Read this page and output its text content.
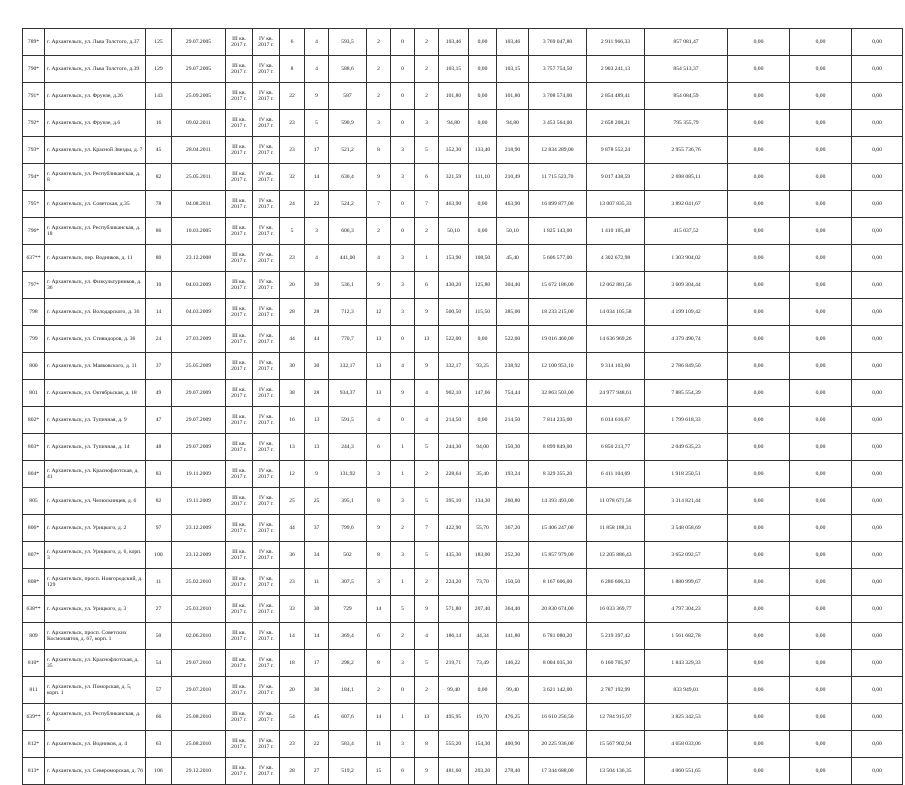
789*	г. Архангельск, ул. Льва Толстого, д.37	125	29.07.2005	III кв. 2017 г.	IV кв. 2017 г.	6	4	593,5	2	0	2	103,46	0,00	103,46	3 769 047,80	2 911 966,33	857 081,47	0,00	0,00	0,00
790*	г. Архангельск, ул. Льва Толстого, д.39	129	29.07.2005	III кв. 2017 г.	IV кв. 2017 г.	8	4	588,6	2	0	2	103,15	0,00	103,15	3 757 754,50	2 903 241,13	854 513,37	0,00	0,00	0,00
791*	г. Архангельск, ул. Фрунзе, д.26	143	25.09.2005	III кв. 2017 г.	IV кв. 2017 г.	22	9	587	2	0	2	101,80	0,00	101,80	3 708 574,00	2 854 489,41	854 084,59	0,00	0,00	0,00
792*	г. Архангельск, ул. Фрунзе, д.6	16	09.02.2011	III кв. 2017 г.	IV кв. 2017 г.	23	5	590,9	3	0	3	94,80	0,00	94,80	3 453 564,00	2 658 208,21	795 355,79	0,00	0,00	0,00
793*	г. Архангельск, ул. Красной Звезды, д. 7	45	28.04.2011	III кв. 2017 г.	IV кв. 2017 г.	23	17	521,2	8	3	5	352,30	133,40	218,90	12 834 289,00	9 878 552,24	2 955 736,76	0,00	0,00	0,00
794*	г. Архангельск, ул. Республиканская, д. 8	82	25.05.2011	III кв. 2017 г.	IV кв. 2017 г.	32	14	630,4	9	3	6	321,59	111,10	210,49	11 715 523,70	9 017 438,59	2 698 085,11	0,00	0,00	0,00
795*	г. Архангельск, ул. Советская, д.35	78	04.08.2011	III кв. 2017 г.	IV кв. 2017 г.	24	22	524,2	7	0	7	463,90	0,00	463,90	16 899 877,00	13 007 835,33	3 892 041,67	0,00	0,00	0,00
796*	г. Архангельск, ул. Республиканская, д. 18	86	10.03.2005	III кв. 2017 г.	IV кв. 2017 г.	5	3	606,3	2	0	2	50,10	0,00	50,10	1 825 143,00	1 410 105,48	415 037,52	0,00	0,00	0,00
637**	г. Архангельск, пер. Водников, д. 11	80	23.12.2008	III кв. 2017 г.	IV кв. 2017 г.	23	4	441,00	4	3	1	153,90	108,50	45,40	5 606 577,00	4 302 672,98	1 303 904,02	0,00	0,00	0,00
797*	г. Архангельск, ул. Физкультурников, д. 36	10	04.03.2009	III кв. 2017 г.	IV кв. 2017 г.	20	39	536,1	9	3	6	430,20	125,80	304,40	15 672 186,00	12 062 881,56	3 609 304,44	0,00	0,00	0,00
798	г. Архангельск, ул. Володарского, д. 36	14	04.03.2009	III кв. 2017 г.	IV кв. 2017 г.	28	28	712,3	12	3	9	500,50	115,50	385,00	18 233 215,00	14 034 105,58	4 199 109,42	0,00	0,00	0,00
799	г. Архангельск, ул. Стивидоров, д. 36	24	27.03.2009	III кв. 2017 г.	IV кв. 2017 г.	44	44	770,7	13	0	13	522,00	0,00	522,00	19 016 460,00	14 636 969,26	4 379 490,74	0,00	0,00	0,00
800	г. Архангельск, ул. Маяковского, д. 11	37	25.05.2009	III кв. 2017 г.	IV кв. 2017 г.	30	30	332,17	13	4	9	332,17	93,25	238,92	12 100 953,10	9 314 103,60	2 786 849,50	0,00	0,00	0,00
801	г. Архангельск, ул. Октябрьская, д. 18	49	29.07.2009	III кв. 2017 г.	IV кв. 2017 г.	38	28	934,37	13	9	4	902,10	147,66	754,44	32 863 503,00	24 977 948,61	7 885 554,39	0,00	0,00	0,00
802*	г. Архангельск, ул. Тупичная, д. 9	47	29.07.2009	III кв. 2017 г.	IV кв. 2017 г.	16	13	591,5	4	0	4	214,50	0,00	214,50	7 814 235,00	6 014 616,67	1 799 618,33	0,00	0,00	0,00
803*	г. Архангельск, ул. Тупичная, д. 14	48	29.07.2009	III кв. 2017 г.	IV кв. 2017 г.	13	13	244,3	6	1	5	244,30	94,00	150,30	8 899 849,00	6 850 213,77	2 049 635,23	0,00	0,00	0,00
804*	г. Архангельск, ул. Краснофлотская, д. 41	83	19.11.2009	III кв. 2017 г.	IV кв. 2017 г.	12	9	131,92	3	1	2	228,64	35,40	193,24	8 329 355,20	6 411 104,69	1 918 250,51	0,00	0,00	0,00
805	г. Архангельск, ул. Челюскинцев, д. 6	82	19.11.2009	III кв. 2017 г.	IV кв. 2017 г.	25	25	395,1	8	3	5	395,10	134,30	260,80	14 393 493,00	11 078 671,56	3 314 821,44	0,00	0,00	0,00
806*	г. Архангельск, ул. Урицкого, д. 2	97	23.12.2009	III кв. 2017 г.	IV кв. 2017 г.	44	37	799,6	9	2	7	422,90	55,70	367,20	15 406 247,00	11 858 188,31	3 548 058,69	0,00	0,00	0,00
807*	г. Архангельск, ул. Урицкого, д. 6, корп. 3	100	23.12.2009	III кв. 2017 г.	IV кв. 2017 г.	36	34	502	8	3	5	435,30	183,00	252,30	15 857 979,00	12 205 886,43	3 652 092,57	0,00	0,00	0,00
808*	г. Архангельск, просп. Новгородский, д. 129	11	25.02.2010	III кв. 2017 г.	IV кв. 2017 г.	23	11	307,5	3	1	2	224,20	73,70	150,50	8 167 606,00	6 286 606,33	1 880 999,67	0,00	0,00	0,00
638**	г. Архангельск, ул. Урицкого, д. 3	27	25.03.2010	III кв. 2017 г.	IV кв. 2017 г.	33	30	729	14	5	9	571,80	207,40	364,40	20 830 674,00	16 033 369,77	4 797 304,23	0,00	0,00	0,00
809	г. Архангельск, просп. Советских Космонавтов, д. 67, корп. 1	50	02.06.2010	III кв. 2017 г.	IV кв. 2017 г.	14	14	369,4	6	2	4	186,14	44,34	141,80	6 781 080,20	5 219 397,42	1 561 682,78	0,00	0,00	0,00
810*	г. Архангельск, ул. Краснофлотская, д. 35	54	29.07.2010	III кв. 2017 г.	IV кв. 2017 г.	18	17	298,2	8	3	5	219,71	73,49	146,22	8 004 035,30	6 160 705,97	1 843 329,33	0,00	0,00	0,00
811	г. Архангельск, ул. Поморская, д. 5, корп. 1	57	29.07.2010	III кв. 2017 г.	IV кв. 2017 г.	20	30	184,1	2	0	2	99,40	0,00	99,40	3 621 142,00	2 787 192,99	833 949,01	0,00	0,00	0,00
639**	г. Архангельск, ул. Республиканская, д. 6	66	25.08.2010	III кв. 2017 г.	IV кв. 2017 г.	54	45	607,6	14	1	13	495,95	19,70	476,25	16 610 256,50	12 784 915,97	3 825 342,53	0,00	0,00	0,00
812*	г. Архангельск, ул. Водников, д. 4	63	25.08.2010	III кв. 2017 г.	IV кв. 2017 г.	23	22	583,4	11	3	8	555,20	154,30	400,90	20 225 936,00	15 567 902,94	4 658 033,06	0,00	0,00	0,00
813*	г. Архангельск, ул. Североморская, д. 76	106	29.12.2010	III кв. 2017 г.	IV кв. 2017 г.	28	27	519,2	15	6	9	481,60	203,20	278,40	17 344 688,00	13 504 136,35	4 060 551,65	0,00	0,00	0,00
